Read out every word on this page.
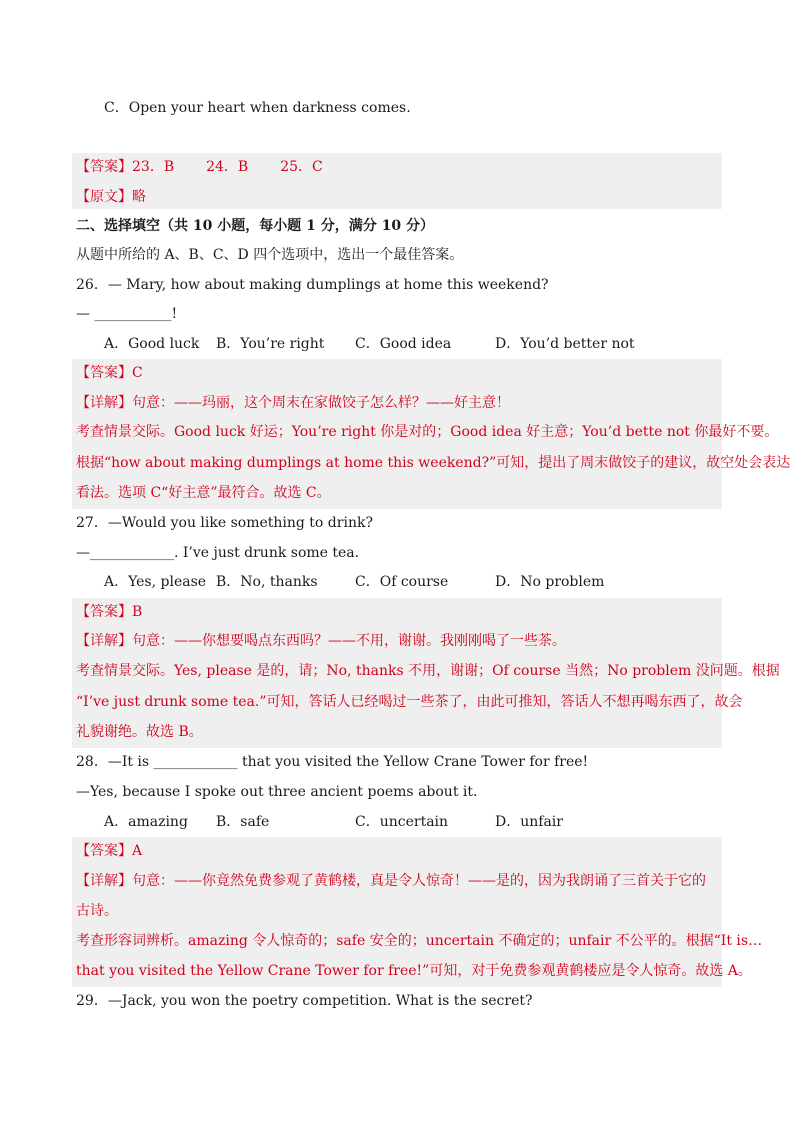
C．Open your heart when darkness comes.
【答案】23．B 24．B 25．C
【原文】略
二、选择填空（共 10 小题，每小题 1 分，满分 10 分）
从题中所给的 A、B、C、D 四个选项中，选出一个最佳答案。
26．— Mary, how about making dumplings at home this weekend?
— ___________!
A．Good luck B．You’re right C．Good idea	D．You’d better not
【答案】C
【详解】句意：——玛丽，这个周末在家做饺子怎么样？——好主意！
考查情景交际。Good luck 好运；You’re right 你是对的；Good idea 好主意；You’d bette not 你最好不要。
根据“how about making dumplings at home this weekend?”可知，提出了周末做饺子的建议，故空处会表达
看法。选项 C“好主意”最符合。故选 C。
27．—Would you like something to drink?
—____________. I’ve just drunk some tea.
A．Yes, please B．No, thanks	C．Of course	D．No problem
【答案】B
【详解】句意：——你想要喝点东西吗？——不用，谢谢。我刚刚喝了一些茶。
考查情景交际。Yes, please 是的，请；No, thanks 不用，谢谢；Of course 当然；No problem 没问题。根据
“I’ve just drunk some tea.”可知，答话人已经喝过一些茶了，由此可推知，答话人不想再喝东西了，故会
礼貌谢绝。故选 B。
28．—It is ____________ that you visited the Yellow Crane Tower for free!
—Yes, because I spoke out three ancient poems about it.
A．amazing B．safe	C．uncertain	D．unfair
【答案】A
【详解】句意：——你竟然免费参观了黄鹤楼，真是令人惊奇！——是的，因为我朗诵了三首关于它的
古诗。
考查形容词辨析。amazing 令人惊奇的；safe 安全的；uncertain 不确定的；unfair 不公平的。根据“It is…
that you visited the Yellow Crane Tower for free!”可知，对于免费参观黄鹤楼应是令人惊奇。故选 A。
29．—Jack, you won the poetry competition. What is the secret?
